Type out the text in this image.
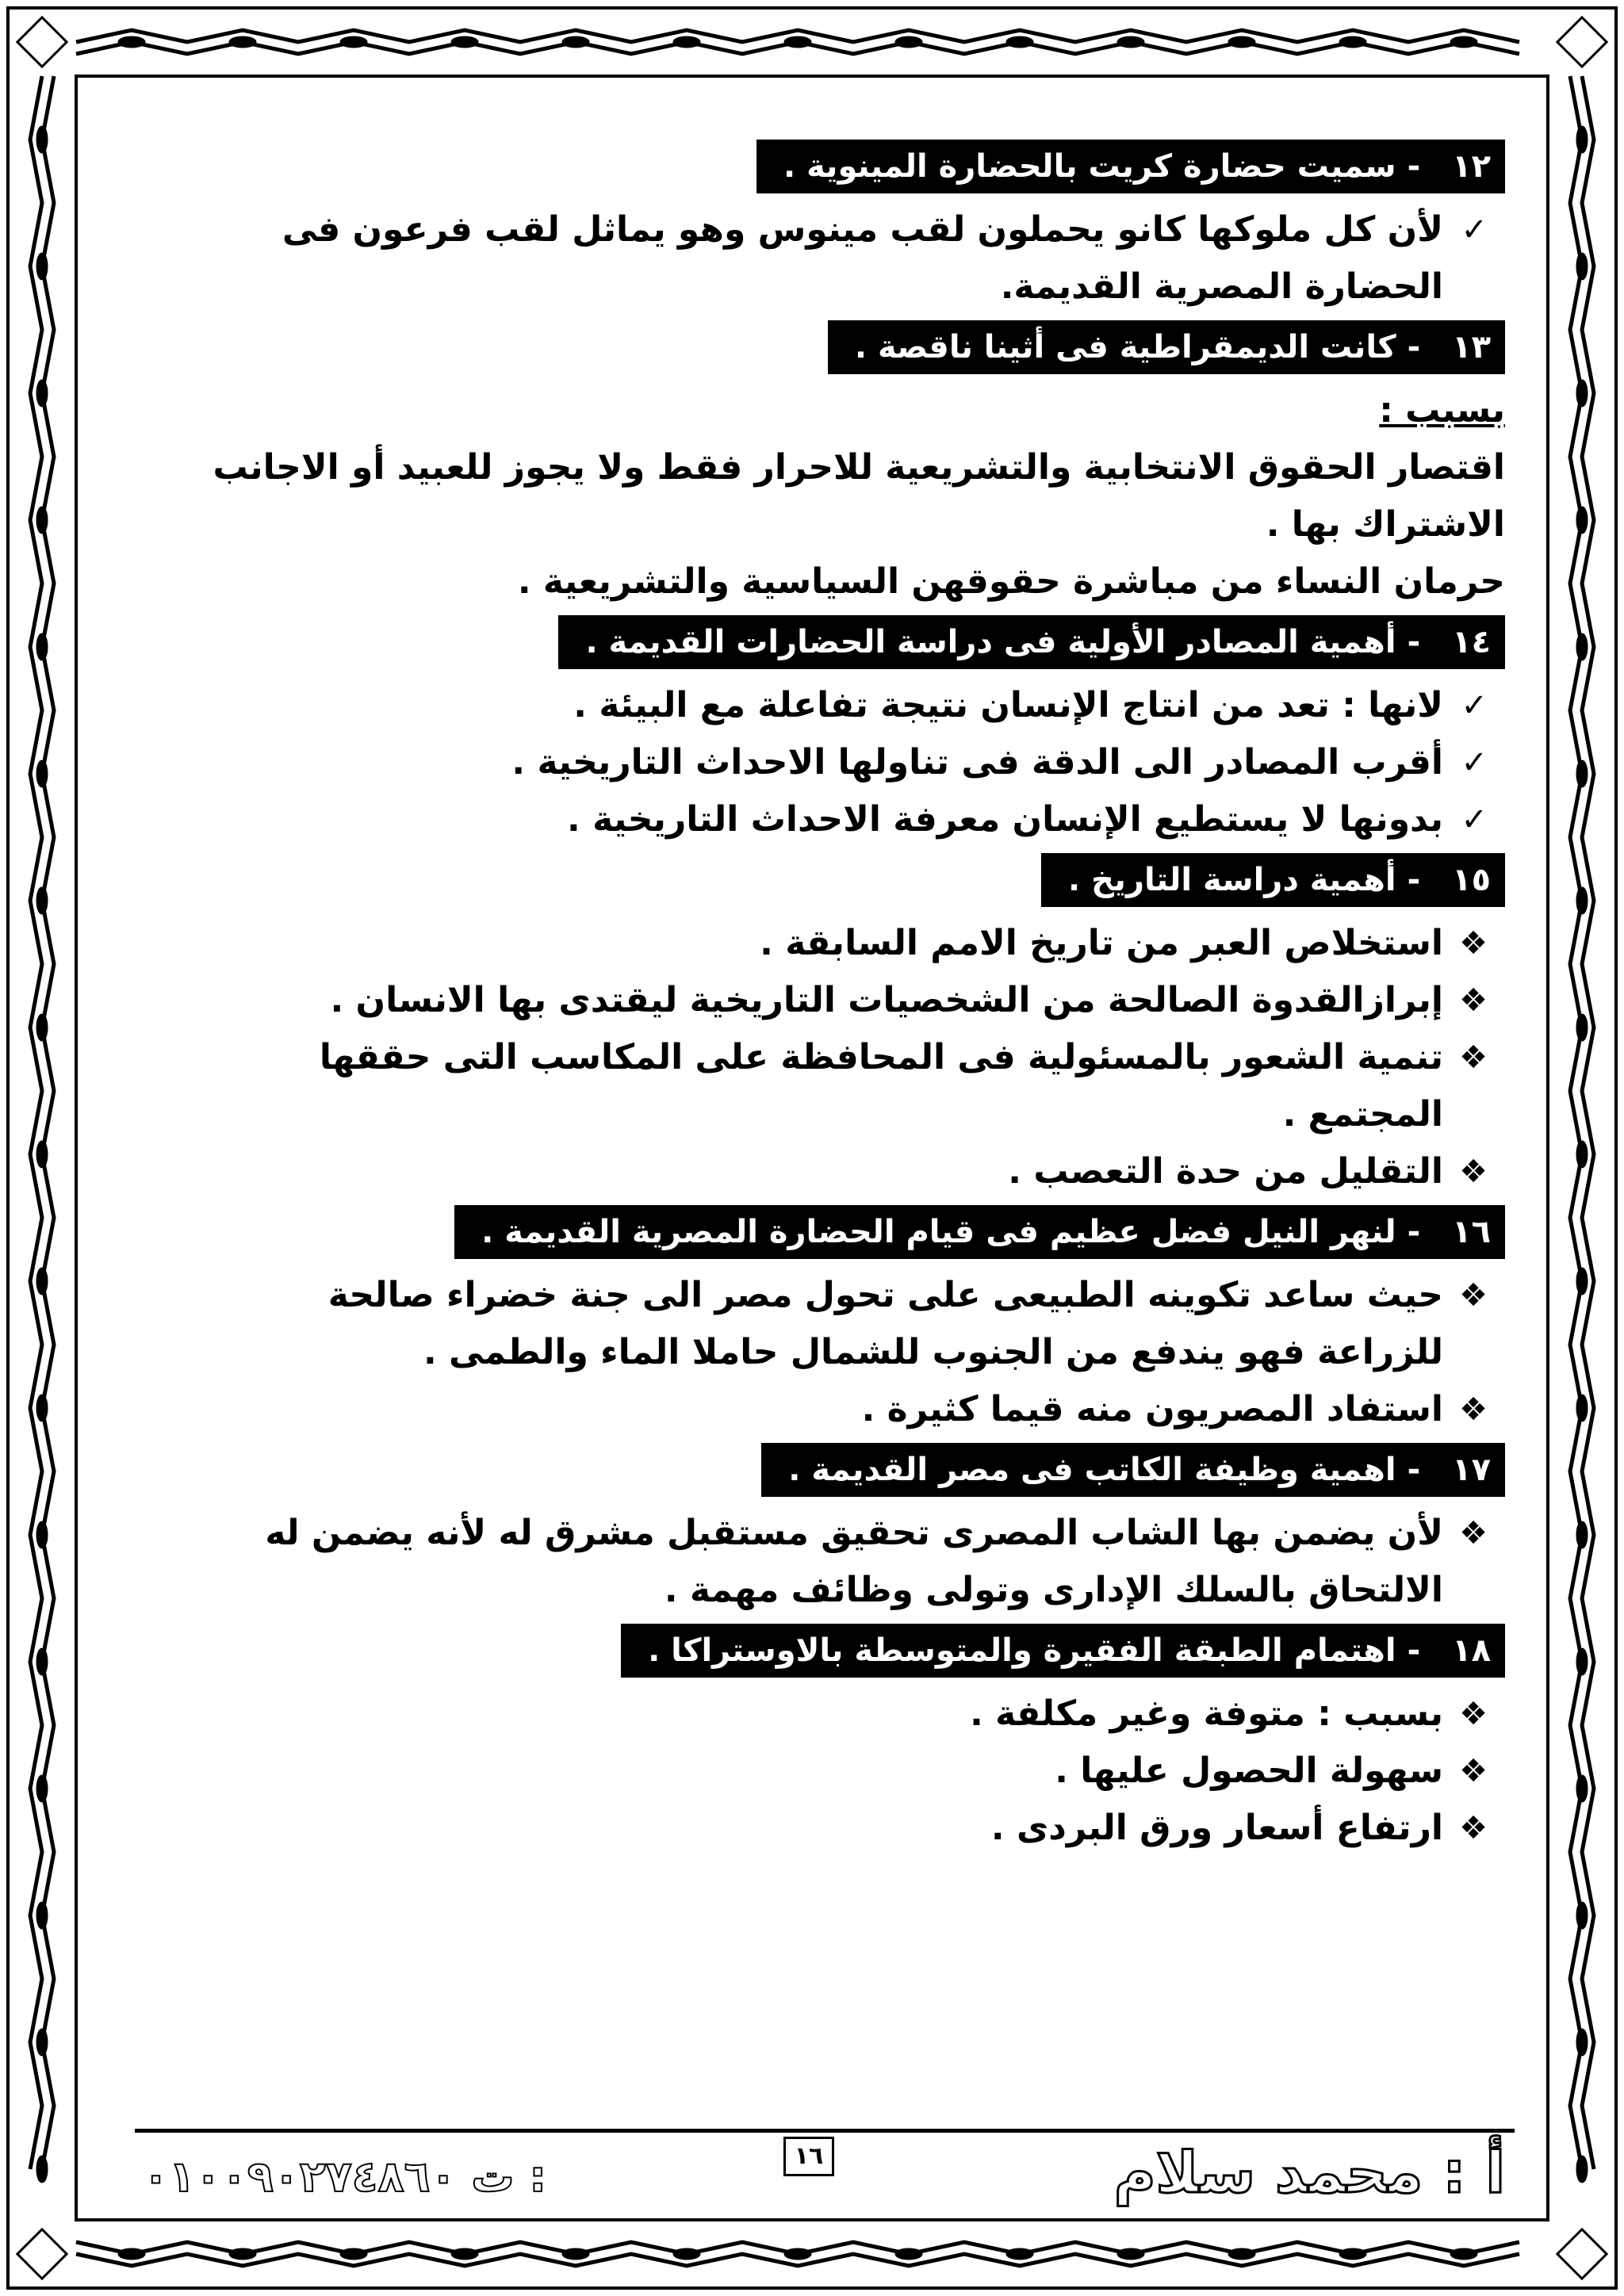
١٢- سميت حضارة كريت بالحضارة المينوية .
✓
لأن كل ملوكها كانو يحملون لقب مينوس وهو يماثل لقب فرعون فى
الحضارة المصرية القديمة.
١٣- كانت الديمقراطية فى أثينا ناقصة .
بسبب :
اقتصار الحقوق الانتخابية والتشريعية للاحرار فقط ولا يجوز للعبيد أو الاجانب
الاشتراك بها .
حرمان النساء من مباشرة حقوقهن السياسية والتشريعية .
١٤- أهمية المصادر الأولية فى دراسة الحضارات القديمة .
✓
لانها : تعد من انتاج الإنسان نتيجة تفاعلة مع البيئة .
✓
أقرب المصادر الى الدقة فى تناولها الاحداث التاريخية .
✓
بدونها لا يستطيع الإنسان معرفة الاحداث التاريخية .
١٥- أهمية دراسة التاريخ .
❖
استخلاص العبر من تاريخ الامم السابقة .
❖
إبرازالقدوة الصالحة من الشخصيات التاريخية ليقتدى بها الانسان .
❖
تنمية الشعور بالمسئولية فى المحافظة على المكاسب التى حققها المجتمع .
❖
التقليل من حدة التعصب .
١٦- لنهر النيل فضل عظيم فى قيام الحضارة المصرية القديمة .
❖
حيث ساعد تكوينه الطبيعى على تحول مصر الى جنة خضراء صالحة
للزراعة فهو يندفع من الجنوب للشمال حاملا الماء والطمى .
❖
استفاد المصريون منه قيما كثيرة .
١٧- اهمية وظيفة الكاتب فى مصر القديمة .
❖
لأن يضمن بها الشاب المصرى تحقيق مستقبل مشرق له لأنه يضمن له
الالتحاق بالسلك الإدارى وتولى وظائف مهمة .
١٨- اهتمام الطبقة الفقيرة والمتوسطة بالاوستراكا .
❖
بسبب : متوفة وغير مكلفة .
❖
سهولة الحصول عليها .
❖
ارتفاع أسعار ورق البردى .
١٦	أ : محمد سلام
ت ٠١٠٠٩٠٢٧٤٨٦٠ :
